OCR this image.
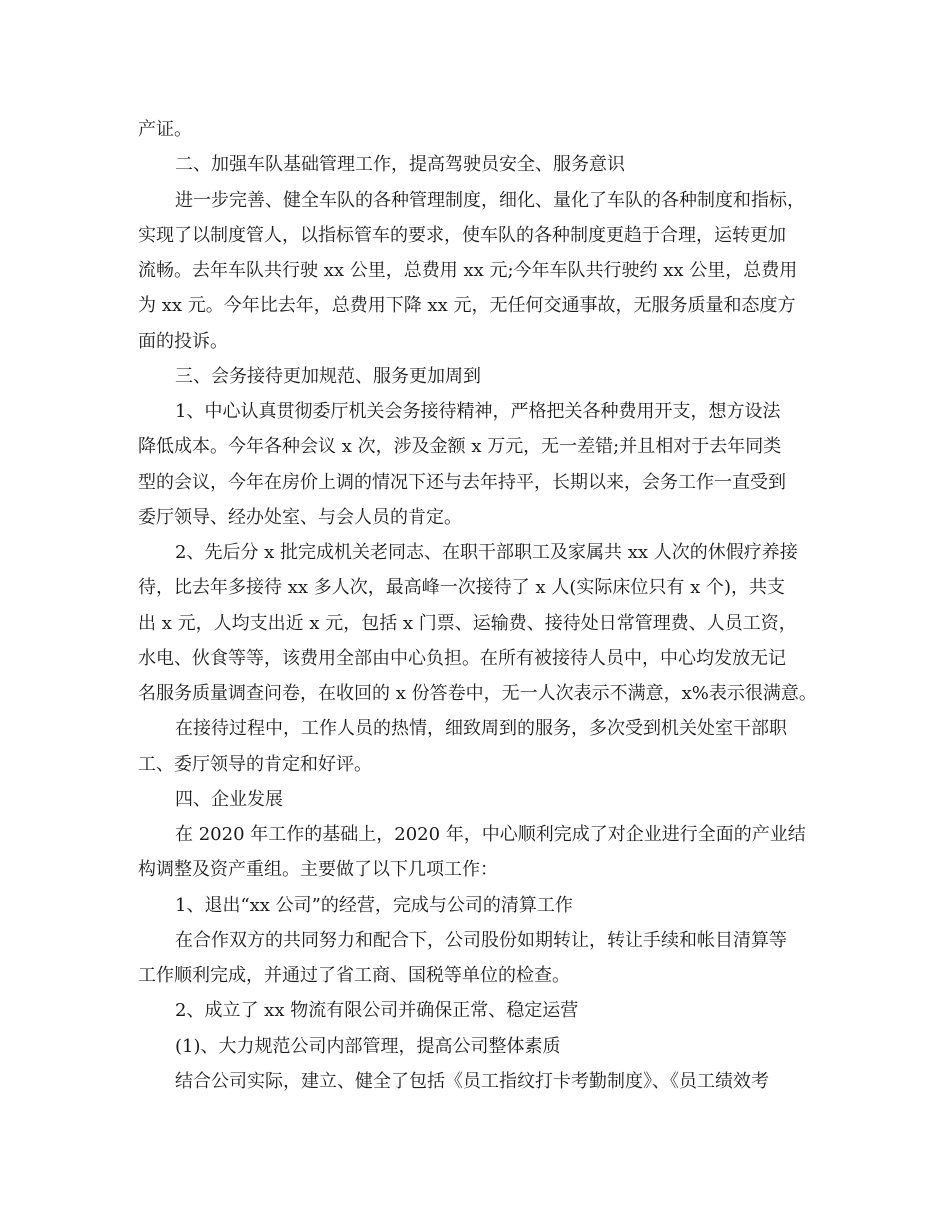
产证。
二、加强车队基础管理工作，提高驾驶员安全、服务意识
进一步完善、健全车队的各种管理制度，细化、量化了车队的各种制度和指标，
实现了以制度管人，以指标管车的要求，使车队的各种制度更趋于合理，运转更加
流畅。去年车队共行驶 xx 公里，总费用 xx 元;今年车队共行驶约 xx 公里，总费用
为 xx 元。今年比去年，总费用下降 xx 元，无任何交通事故，无服务质量和态度方
面的投诉。
三、会务接待更加规范、服务更加周到
1、中心认真贯彻委厅机关会务接待精神，严格把关各种费用开支，想方设法
降低成本。今年各种会议 x 次，涉及金额 x 万元，无一差错;并且相对于去年同类
型的会议，今年在房价上调的情况下还与去年持平，长期以来，会务工作一直受到
委厅领导、经办处室、与会人员的肯定。
2、先后分 x 批完成机关老同志、在职干部职工及家属共 xx 人次的休假疗养接
待，比去年多接待 xx 多人次，最高峰一次接待了 x 人(实际床位只有 x 个)，共支
出 x 元，人均支出近 x 元，包括 x 门票、运输费、接待处日常管理费、人员工资，
水电、伙食等等，该费用全部由中心负担。在所有被接待人员中，中心均发放无记
名服务质量调查问卷，在收回的 x 份答卷中，无一人次表示不满意，x%表示很满意。
在接待过程中，工作人员的热情，细致周到的服务，多次受到机关处室干部职
工、委厅领导的肯定和好评。
四、企业发展
在 2020 年工作的基础上，2020 年，中心顺利完成了对企业进行全面的产业结
构调整及资产重组。主要做了以下几项工作：
1、退出“xx 公司”的经营，完成与公司的清算工作
在合作双方的共同努力和配合下，公司股份如期转让，转让手续和帐目清算等
工作顺利完成，并通过了省工商、国税等单位的检查。
2、成立了 xx 物流有限公司并确保正常、稳定运营
(1)、大力规范公司内部管理，提高公司整体素质
结合公司实际，建立、健全了包括《员工指纹打卡考勤制度》、《员工绩效考
